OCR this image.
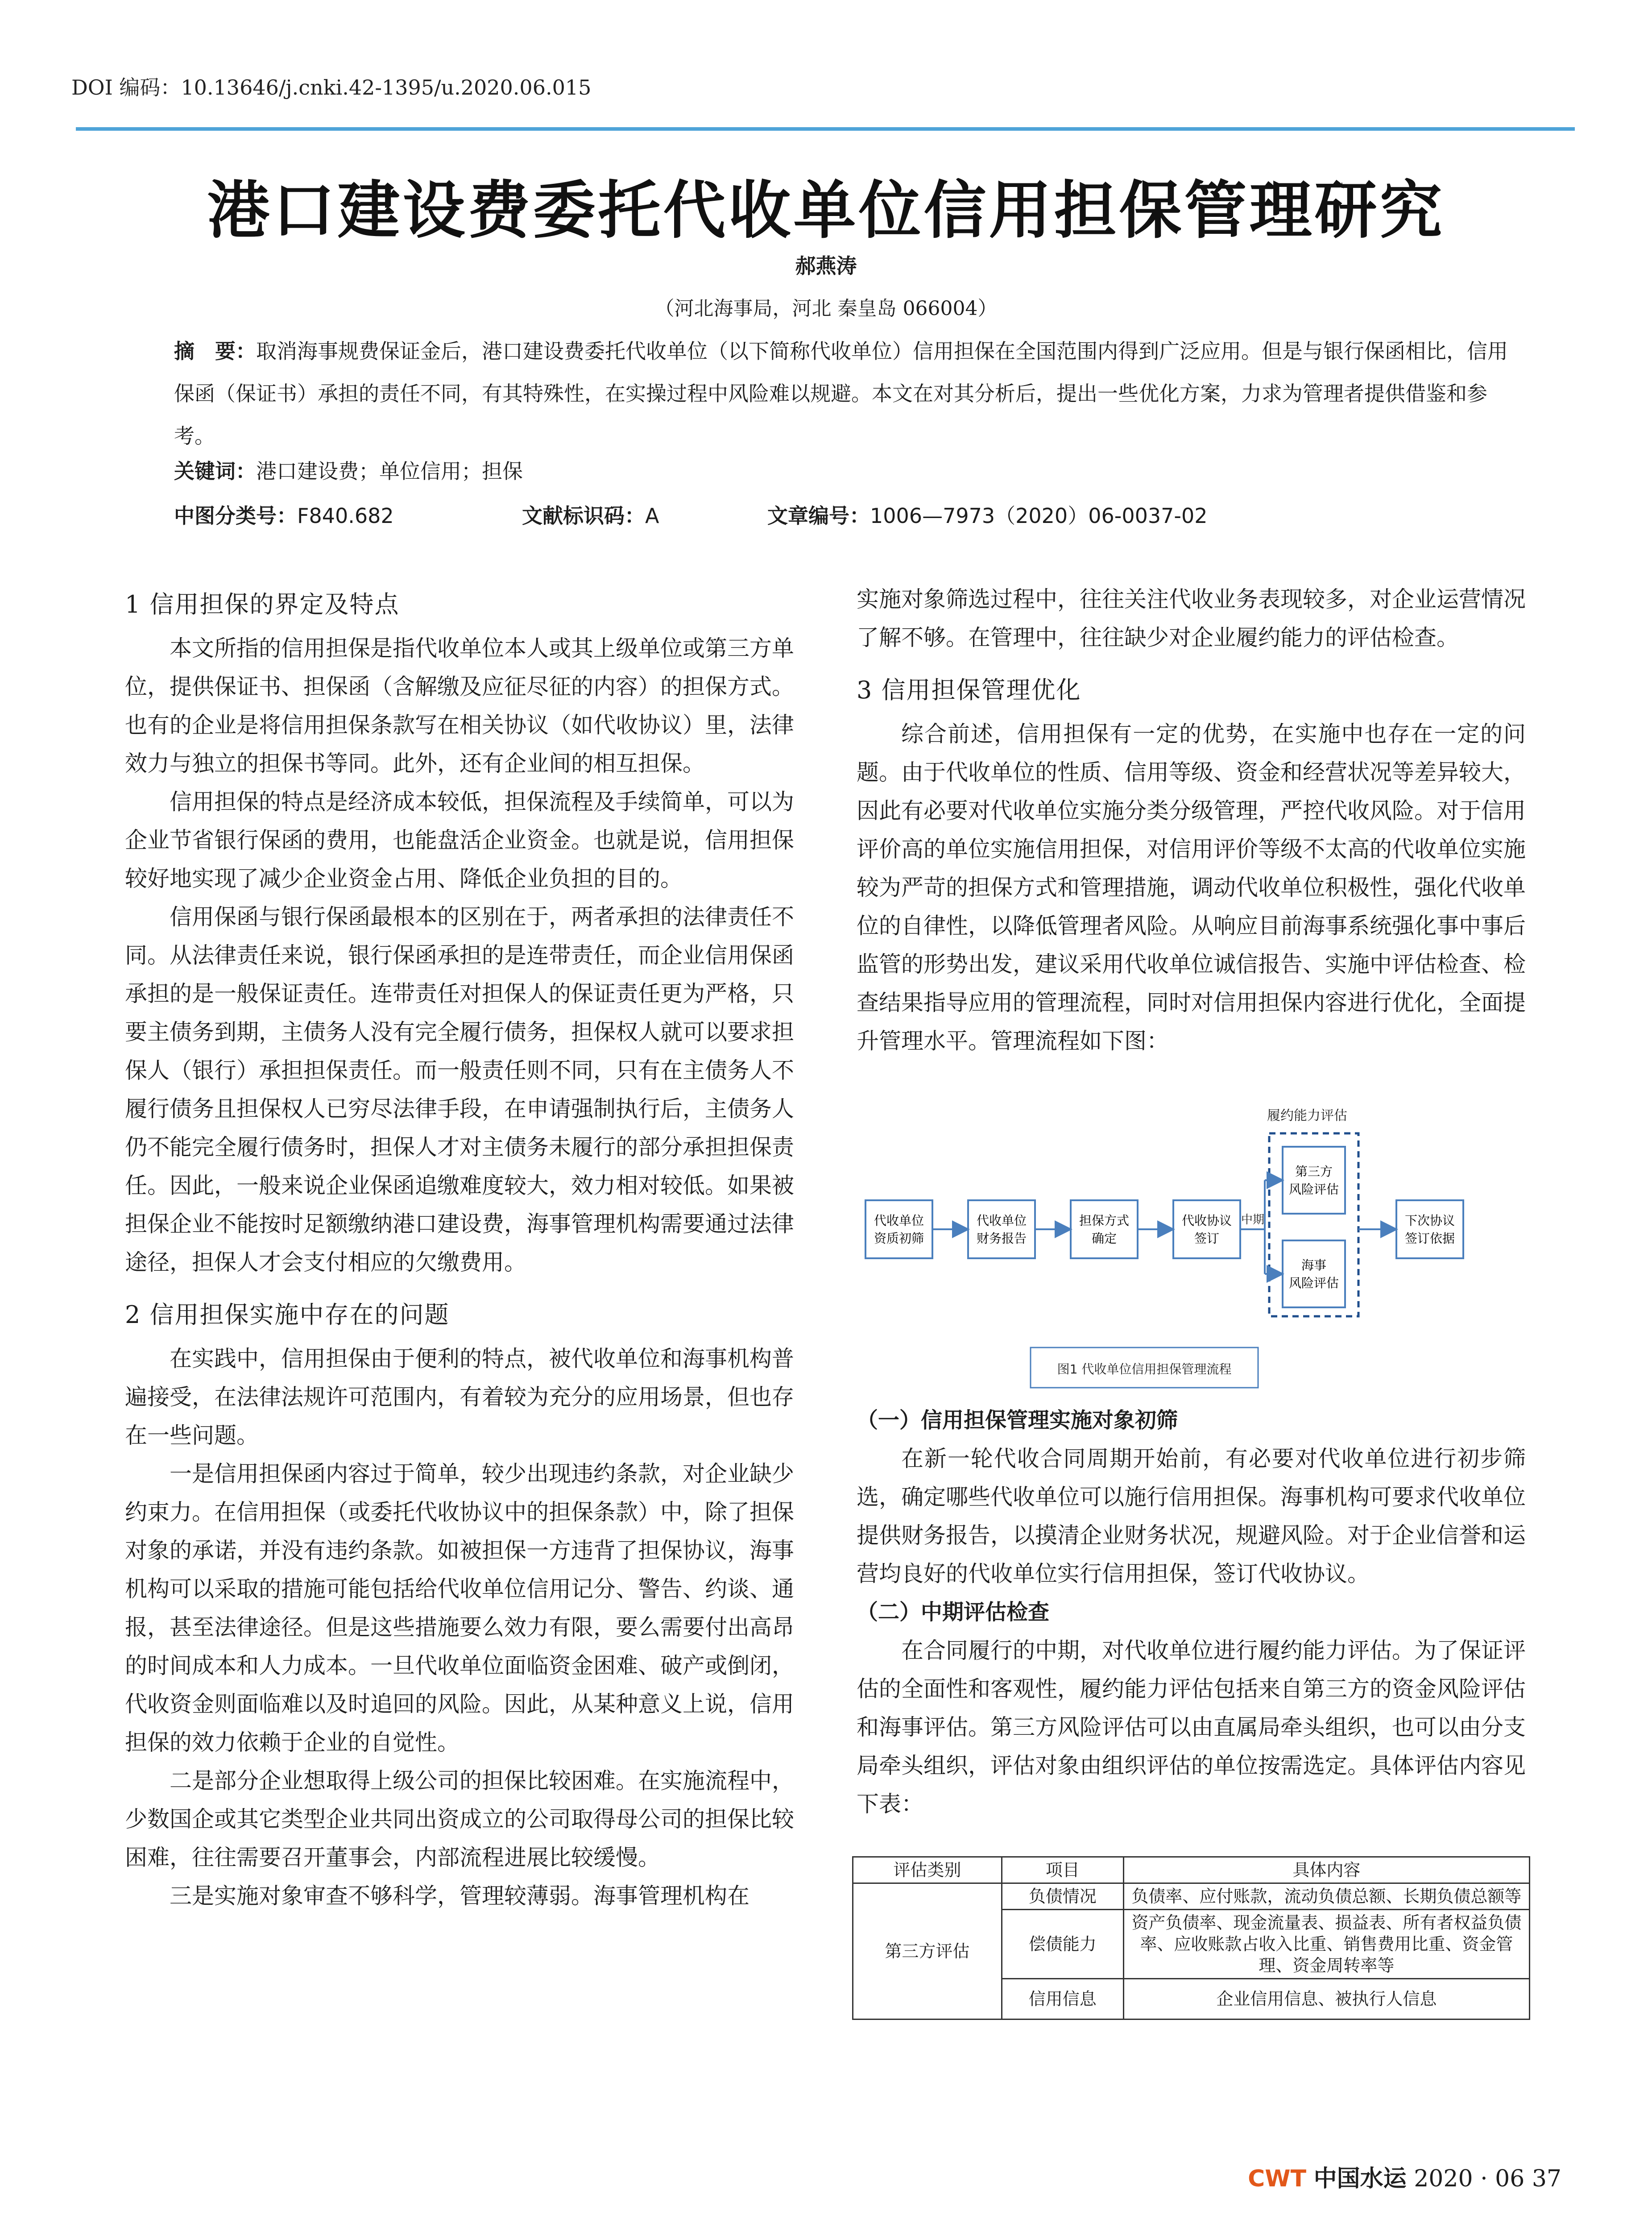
DOI 编码：10.13646/j.cnki.42-1395/u.2020.06.015
港口建设费委托代收单位信用担保管理研究
郝燕涛
（河北海事局，河北 秦皇岛 066004）

摘　要：取消海事规费保证金后，港口建设费委托代收单位（以下简称代收单位）信用担保在全国范围内得到广泛应用。但是与银行保函相比，信用保函（保证书）承担的责任不同，有其特殊性，在实操过程中风险难以规避。本文在对其分析后，提出一些优化方案，力求为管理者提供借鉴和参考。

关键词：港口建设费；单位信用；担保
中图分类号：F840.682	文献标识码：A	文章编号：1006—7973（2020）06-0037-02
1 信用担保的界定及特点

本文所指的信用担保是指代收单位本人或其上级单位或第三方单位，提供保证书、担保函（含解缴及应征尽征的内容）的担保方式。也有的企业是将信用担保条款写在相关协议（如代收协议）里，法律效力与独立的担保书等同。此外，还有企业间的相互担保。

信用担保的特点是经济成本较低，担保流程及手续简单，可以为企业节省银行保函的费用，也能盘活企业资金。也就是说，信用担保较好地实现了减少企业资金占用、降低企业负担的目的。

信用保函与银行保函最根本的区别在于，两者承担的法律责任不同。从法律责任来说，银行保函承担的是连带责任，而企业信用保函承担的是一般保证责任。连带责任对担保人的保证责任更为严格，只要主债务到期，主债务人没有完全履行债务，担保权人就可以要求担保人（银行）承担担保责任。而一般责任则不同，只有在主债务人不履行债务且担保权人已穷尽法律手段，在申请强制执行后，主债务人仍不能完全履行债务时，担保人才对主债务未履行的部分承担担保责任。因此，一般来说企业保函追缴难度较大，效力相对较低。如果被担保企业不能按时足额缴纳港口建设费，海事管理机构需要通过法律途径，担保人才会支付相应的欠缴费用。

2 信用担保实施中存在的问题

在实践中，信用担保由于便利的特点，被代收单位和海事机构普遍接受，在法律法规许可范围内，有着较为充分的应用场景，但也存在一些问题。

一是信用担保函内容过于简单，较少出现违约条款，对企业缺少约束力。在信用担保（或委托代收协议中的担保条款）中，除了担保对象的承诺，并没有违约条款。如被担保一方违背了担保协议，海事机构可以采取的措施可能包括给代收单位信用记分、警告、约谈、通报，甚至法律途径。但是这些措施要么效力有限，要么需要付出高昂的时间成本和人力成本。一旦代收单位面临资金困难、破产或倒闭，代收资金则面临难以及时追回的风险。因此，从某种意义上说，信用担保的效力依赖于企业的自觉性。

二是部分企业想取得上级公司的担保比较困难。在实施流程中，少数国企或其它类型企业共同出资成立的公司取得母公司的担保比较困难，往往需要召开董事会，内部流程进展比较缓慢。

三是实施对象审查不够科学，管理较薄弱。海事管理机构在

实施对象筛选过程中，往往关注代收业务表现较多，对企业运营情况了解不够。在管理中，往往缺少对企业履约能力的评估检查。

3 信用担保管理优化

综合前述，信用担保有一定的优势，在实施中也存在一定的问题。由于代收单位的性质、信用等级、资金和经营状况等差异较大，因此有必要对代收单位实施分类分级管理，严控代收风险。对于信用评价高的单位实施信用担保，对信用评价等级不太高的代收单位实施较为严苛的担保方式和管理措施，调动代收单位积极性，强化代收单位的自律性，以降低管理者风险。从响应目前海事系统强化事中事后监管的形势出发，建议采用代收单位诚信报告、实施中评估检查、检查结果指导应用的管理流程，同时对信用担保内容进行优化，全面提升管理水平。管理流程如下图：

履约能力评估
代收单位
资质初筛
代收单位
财务报告
担保方式
确定
代收协议
签订
第三方
风险评估
海事
风险评估
下次协议
签订依据
中期
图1 代收单位信用担保管理流程
（一）信用担保管理实施对象初筛

在新一轮代收合同周期开始前，有必要对代收单位进行初步筛选，确定哪些代收单位可以施行信用担保。海事机构可要求代收单位提供财务报告，以摸清企业财务状况，规避风险。对于企业信誉和运营均良好的代收单位实行信用担保，签订代收协议。

（二）中期评估检查

在合同履行的中期，对代收单位进行履约能力评估。为了保证评估的全面性和客观性，履约能力评估包括来自第三方的资金风险评估和海事评估。第三方风险评估可以由直属局牵头组织，也可以由分支局牵头组织，评估对象由组织评估的单位按需选定。具体评估内容见下表：

评估类别	项目	具体内容
第三方评估	负债情况	负债率、应付账款，流动负债总额、长期负债总额等
	偿债能力	资产负债率、现金流量表、损益表、所有者权益负债率、应收账款占收入比重、销售费用比重、资金管理、资金周转率等
	信用信息	企业信用信息、被执行人信息
CWT 中国水运 2020 · 06 37
